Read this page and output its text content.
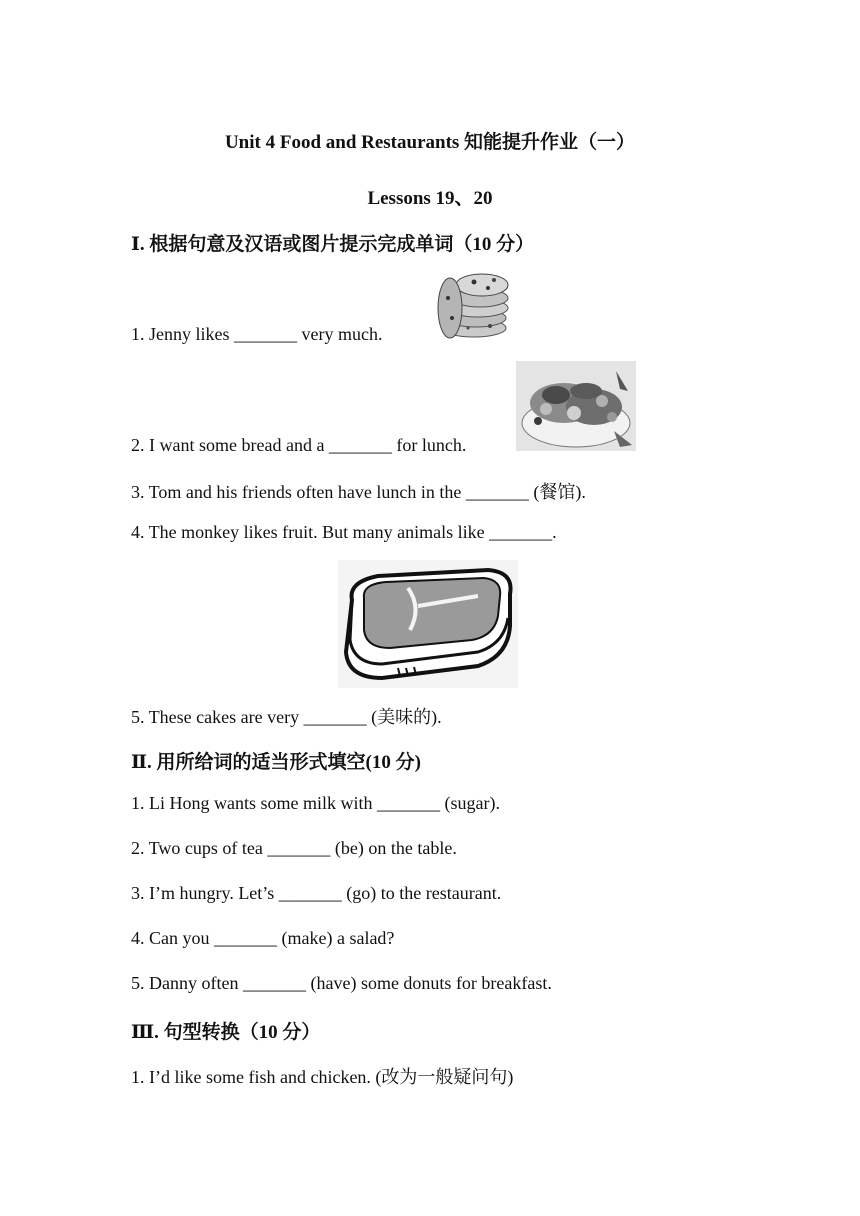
Unit 4 Food and Restaurants 知能提升作业（一）
Lessons 19、20
Ⅰ. 根据句意及汉语或图片提示完成单词（10 分）
1. Jenny likes _______ very much.
2. I want some bread and a _______ for lunch.
3. Tom and his friends often have lunch in the _______ (餐馆).
4. The monkey likes fruit. But many animals like _______.
5. These cakes are very _______ (美味的).
Ⅱ. 用所给词的适当形式填空(10 分)
1. Li Hong wants some milk with _______ (sugar).
2. Two cups of tea _______ (be) on the table.
3. I’m hungry. Let’s _______ (go) to the restaurant.
4. Can you _______ (make) a salad?
5. Danny often _______ (have) some donuts for breakfast.
Ⅲ. 句型转换（10 分）
1. I’d like some fish and chicken. (改为一般疑问句)
